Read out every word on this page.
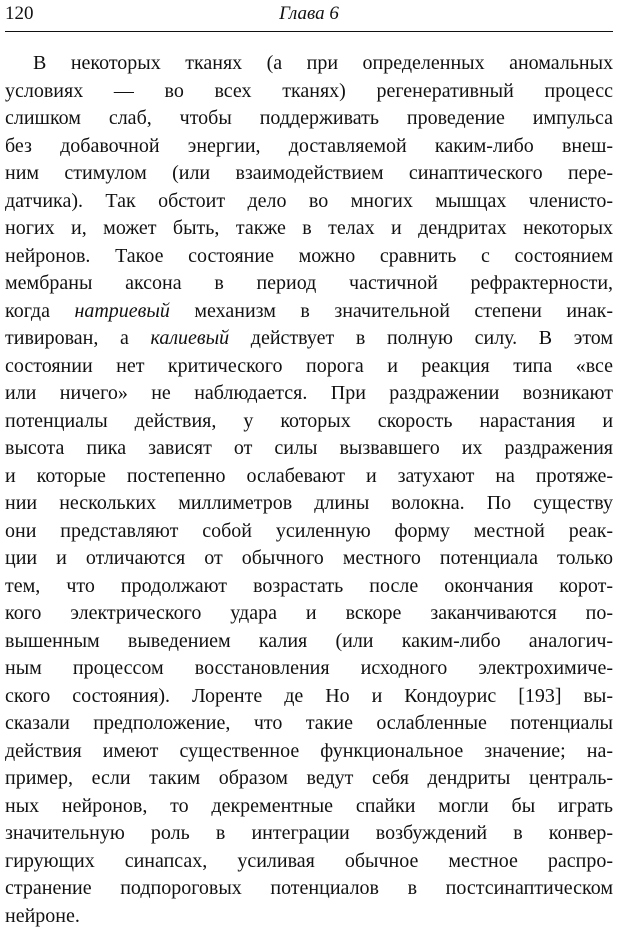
120	Глава 6
В некоторых тканях (а при определенных аномальных
условиях — во всех тканях) регенеративный процесс
слишком слаб, чтобы поддерживать проведение импульса
без добавочной энергии, доставляемой каким-либо внеш-
ним стимулом (или взаимодействием синаптического пере-
датчика). Так обстоит дело во многих мышцах членисто-
ногих и, может быть, также в телах и дендритах некоторых
нейронов. Такое состояние можно сравнить с состоянием
мембраны аксона в период частичной рефрактерности,
когда натриевый механизм в значительной степени инак-
тивирован, а калиевый действует в полную силу. В этом
состоянии нет критического порога и реакция типа «все
или ничего» не наблюдается. При раздражении возникают
потенциалы действия, у которых скорость нарастания и
высота пика зависят от силы вызвавшего их раздражения
и которые постепенно ослабевают и затухают на протяже-
нии нескольких миллиметров длины волокна. По существу
они представляют собой усиленную форму местной реак-
ции и отличаются от обычного местного потенциала только
тем, что продолжают возрастать после окончания корот-
кого электрического удара и вскоре заканчиваются по-
вышенным выведением калия (или каким-либо аналогич-
ным процессом восстановления исходного электрохимиче-
ского состояния). Лоренте де Но и Кондоурис [193] вы-
сказали предположение, что такие ослабленные потенциалы
действия имеют существенное функциональное значение; на-
пример, если таким образом ведут себя дендриты централь-
ных нейронов, то декрементные спайки могли бы играть
значительную роль в интеграции возбуждений в конвер-
гирующих синапсах, усиливая обычное местное распро-
странение подпороговых потенциалов в постсинаптическом
нейроне.
